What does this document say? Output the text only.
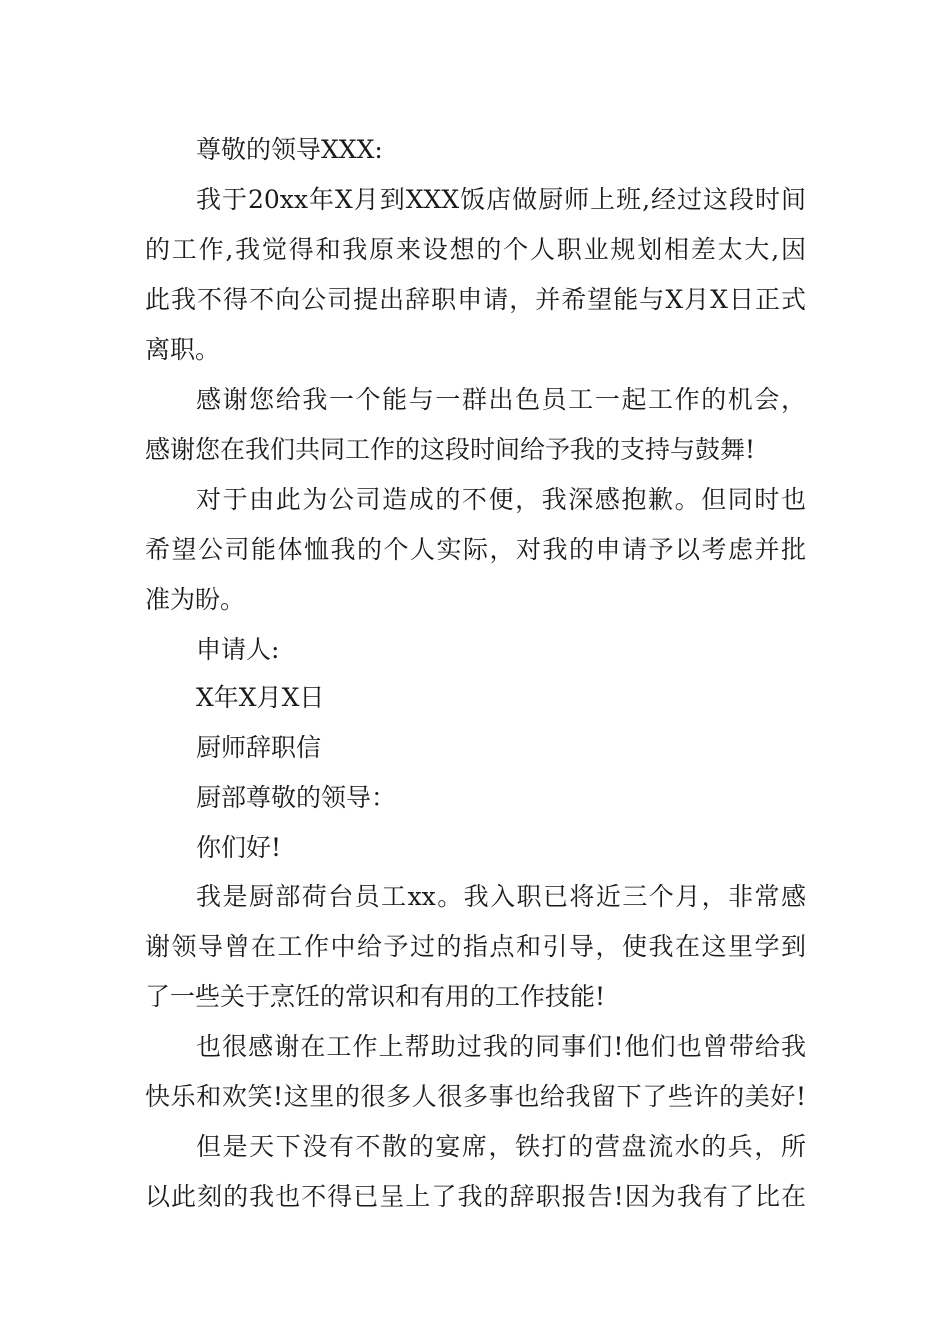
尊敬的领导XXX:

我于20xx年X月到XXX饭店做厨师上班,经过这段时间

的工作,我觉得和我原来设想的个人职业规划相差太大,因

此我不得不向公司提出辞职申请，并希望能与X月X日正式

离职。

感谢您给我一个能与一群出色员工一起工作的机会，

感谢您在我们共同工作的这段时间给予我的支持与鼓舞!

对于由此为公司造成的不便，我深感抱歉。但同时也

希望公司能体恤我的个人实际，对我的申请予以考虑并批

准为盼。

申请人:

X年X月X日

厨师辞职信

厨部尊敬的领导：

你们好!

我是厨部荷台员工xx。我入职已将近三个月，非常感

谢领导曾在工作中给予过的指点和引导，使我在这里学到

了一些关于烹饪的常识和有用的工作技能!

也很感谢在工作上帮助过我的同事们!他们也曾带给我

快乐和欢笑!这里的很多人很多事也给我留下了些许的美好!

但是天下没有不散的宴席，铁打的营盘流水的兵，所

以此刻的我也不得已呈上了我的辞职报告!因为我有了比在
